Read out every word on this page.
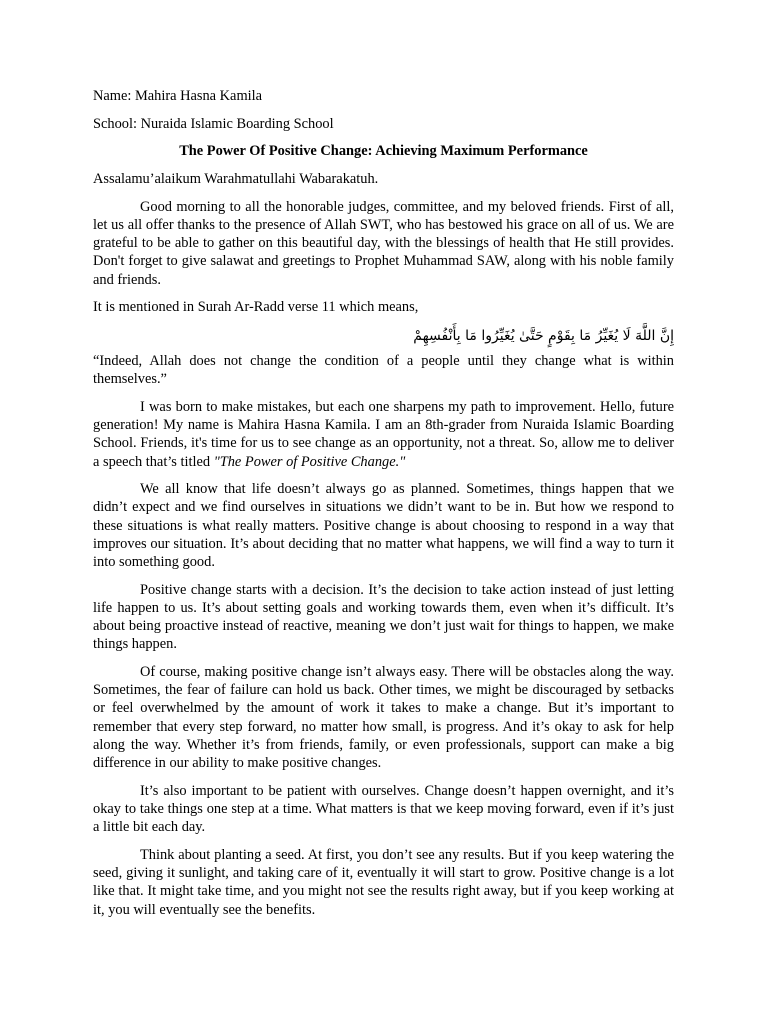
Name: Mahira Hasna Kamila

School: Nuraida Islamic Boarding School

The Power Of Positive Change: Achieving Maximum Performance

Assalamu’alaikum Warahmatullahi Wabarakatuh.

Good morning to all the honorable judges, committee, and my beloved friends. First of all, let us all offer thanks to the presence of Allah SWT, who has bestowed his grace on all of us. We are grateful to be able to gather on this beautiful day, with the blessings of health that He still provides. Don't forget to give salawat and greetings to Prophet Muhammad SAW, along with his noble family and friends.

It is mentioned in Surah Ar-Radd verse 11 which means,

إِنَّ اللَّهَ لَا يُغَيِّرُ مَا بِقَوْمٍ حَتَّىٰ يُغَيِّرُوا مَا بِأَنْفُسِهِمْ

“Indeed, Allah does not change the condition of a people until they change what is within themselves.”

I was born to make mistakes, but each one sharpens my path to improvement. Hello, future generation! My name is Mahira Hasna Kamila. I am an 8th-grader from Nuraida Islamic Boarding School. Friends, it's time for us to see change as an opportunity, not a threat. So, allow me to deliver a speech that’s titled "The Power of Positive Change."

We all know that life doesn’t always go as planned. Sometimes, things happen that we didn’t expect and we find ourselves in situations we didn’t want to be in. But how we respond to these situations is what really matters. Positive change is about choosing to respond in a way that improves our situation. It’s about deciding that no matter what happens, we will find a way to turn it into something good.

Positive change starts with a decision. It’s the decision to take action instead of just letting life happen to us. It’s about setting goals and working towards them, even when it’s difficult. It’s about being proactive instead of reactive, meaning we don’t just wait for things to happen, we make things happen.

Of course, making positive change isn’t always easy. There will be obstacles along the way. Sometimes, the fear of failure can hold us back. Other times, we might be discouraged by setbacks or feel overwhelmed by the amount of work it takes to make a change. But it’s important to remember that every step forward, no matter how small, is progress. And it’s okay to ask for help along the way. Whether it’s from friends, family, or even professionals, support can make a big difference in our ability to make positive changes.

It’s also important to be patient with ourselves. Change doesn’t happen overnight, and it’s okay to take things one step at a time. What matters is that we keep moving forward, even if it’s just a little bit each day.

Think about planting a seed. At first, you don’t see any results. But if you keep watering the seed, giving it sunlight, and taking care of it, eventually it will start to grow. Positive change is a lot like that. It might take time, and you might not see the results right away, but if you keep working at it, you will eventually see the benefits.
